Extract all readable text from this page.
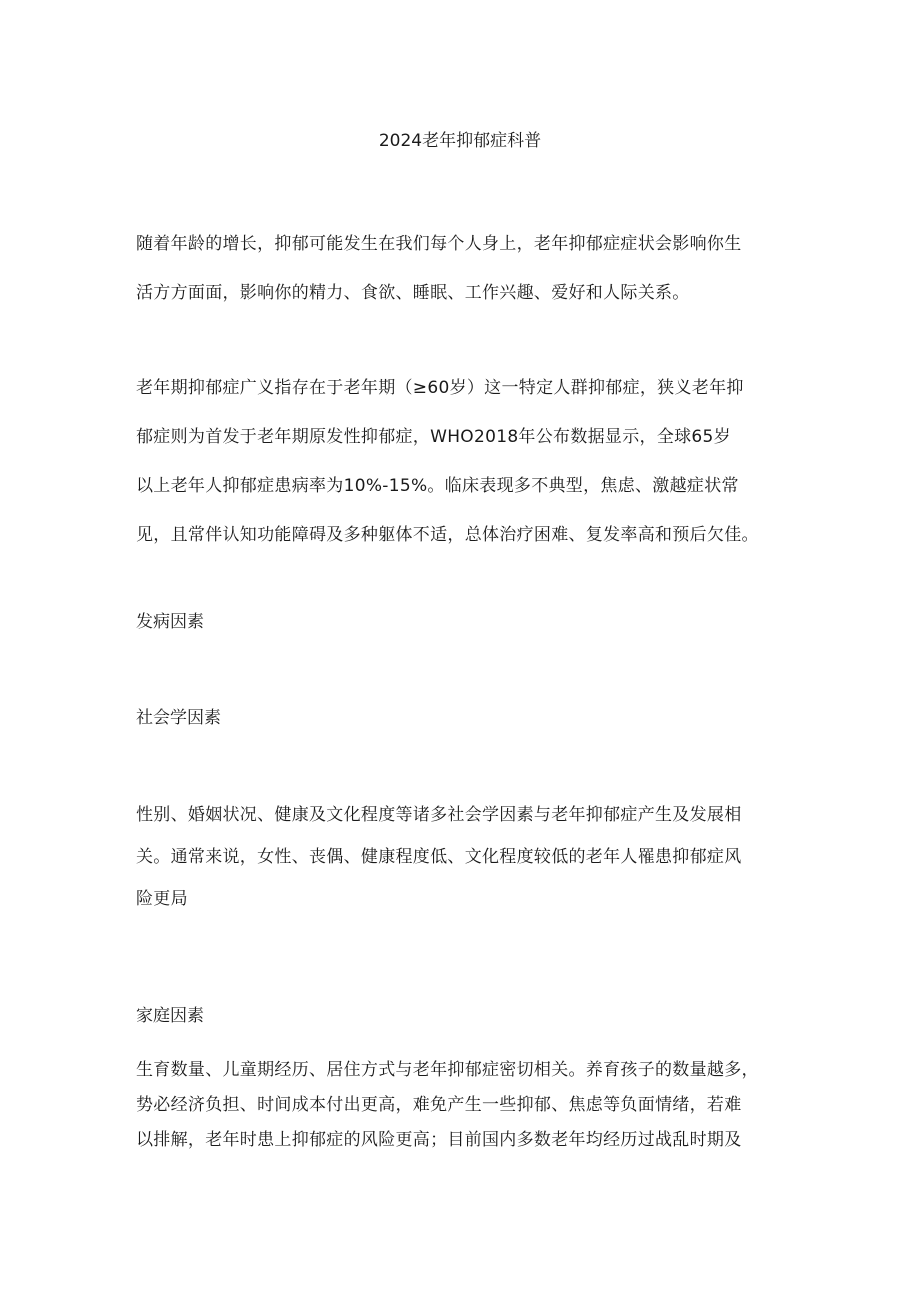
2024老年抑郁症科普

随着年龄的增长，抑郁可能发生在我们每个人身上，老年抑郁症症状会影响你生

活方方面面，影响你的精力、食欲、睡眠、工作兴趣、爱好和人际关系。

老年期抑郁症广义指存在于老年期（≥60岁）这一特定人群抑郁症，狭义老年抑

郁症则为首发于老年期原发性抑郁症，WHO2018年公布数据显示，全球65岁

以上老年人抑郁症患病率为10%-15%。临床表现多不典型，焦虑、激越症状常

见，且常伴认知功能障碍及多种躯体不适，总体治疗困难、复发率高和预后欠佳。

发病因素
社会学因素

性别、婚姻状况、健康及文化程度等诸多社会学因素与老年抑郁症产生及发展相

关。通常来说，女性、丧偶、健康程度低、文化程度较低的老年人罹患抑郁症风

险更局

家庭因素

生育数量、儿童期经历、居住方式与老年抑郁症密切相关。养育孩子的数量越多，

势必经济负担、时间成本付出更高，难免产生一些抑郁、焦虑等负面情绪，若难

以排解，老年时患上抑郁症的风险更高；目前国内多数老年均经历过战乱时期及
